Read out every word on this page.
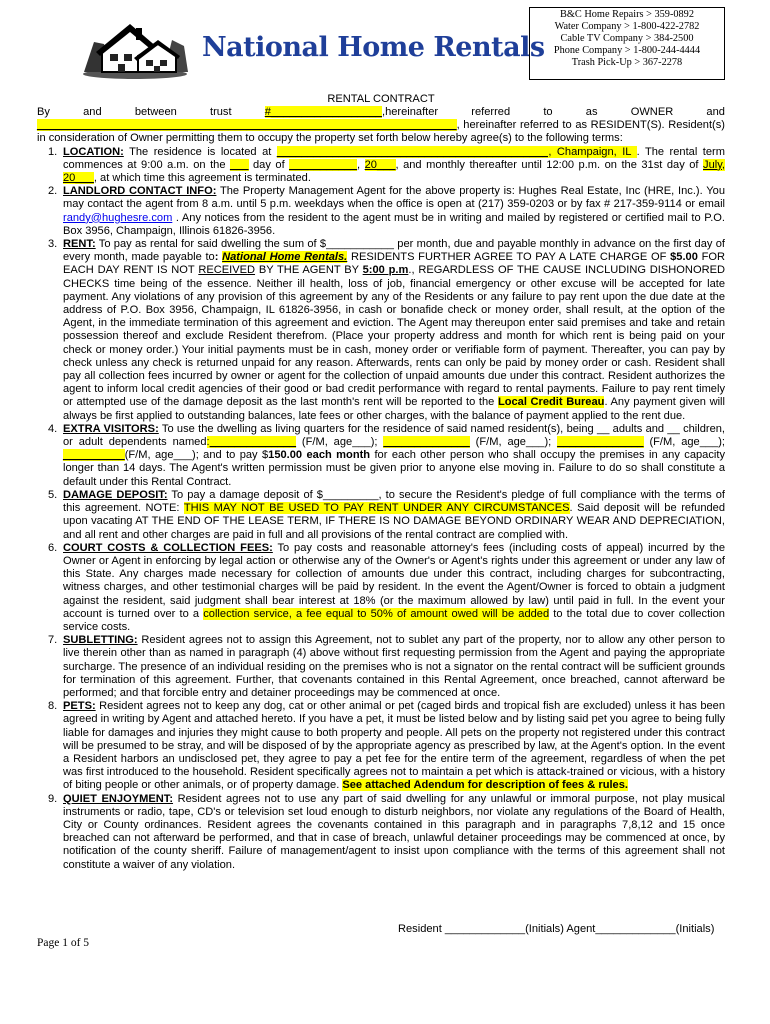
National Home Rentals
B&C Home Repairs > 359-0892
Water Company > 1-800-422-2782
Cable TV Company > 384-2500
Phone Company > 1-800-244-4444
Trash Pick-Up > 367-2278
RENTAL CONTRACT
By	and	between	trust	#__________________,hereinafter	referred	to	as	OWNER	and
____________________________________________________________________, hereinafter referred to as RESIDENT(S). Resident(s) in consideration of Owner permitting them to occupy the property set forth below hereby agree(s) to the following terms:
1. LOCATION: The residence is located at ____________________________________________, Champaign, IL . The rental term commences at 9:00 a.m. on the ___ day of ___________, 20___, and monthly thereafter until 12:00 p.m. on the 31st day of July, 20___, at which time this agreement is terminated.
2. LANDLORD CONTACT INFO: The Property Management Agent for the above property is: Hughes Real Estate, Inc (HRE, Inc.). You may contact the agent from 8 a.m. until 5 p.m. weekdays when the office is open at (217) 359-0203 or by fax # 217-359-9114 or email randy@hughesre.com . Any notices from the resident to the agent must be in writing and mailed by registered or certified mail to P.O. Box 3956, Champaign, Illinois 61826-3956.
3. RENT: To pay as rental for said dwelling the sum of $___________ per month, due and payable monthly in advance on the first day of every month, made payable to: National Home Rentals. RESIDENTS FURTHER AGREE TO PAY A LATE CHARGE OF $5.00 FOR EACH DAY RENT IS NOT RECEIVED BY THE AGENT BY 5:00 p.m., REGARDLESS OF THE CAUSE INCLUDING DISHONORED CHECKS time being of the essence. Neither ill health, loss of job, financial emergency or other excuse will be accepted for late payment. Any violations of any provision of this agreement by any of the Residents or any failure to pay rent upon the due date at the address of P.O. Box 3956, Champaign, IL 61826-3956, in cash or bonafide check or money order, shall result, at the option of the Agent, in the immediate termination of this agreement and eviction. The Agent may thereupon enter said premises and take and retain possession thereof and exclude Resident therefrom. (Place your property address and month for which rent is being paid on your check or money order.) Your initial payments must be in cash, money order or verifiable form of payment. Thereafter, you can pay by check unless any check is returned unpaid for any reason. Afterwards, rents can only be paid by money order or cash. Resident shall pay all collection fees incurred by owner or agent for the collection of unpaid amounts due under this contract. Resident authorizes the agent to inform local credit agencies of their good or bad credit performance with regard to rental payments. Failure to pay rent timely or attempted use of the damage deposit as the last month's rent will be reported to the Local Credit Bureau. Any payment given will always be first applied to outstanding balances, late fees or other charges, with the balance of payment applied to the rent due.
4. EXTRA VISITORS: To use the dwelling as living quarters for the residence of said named resident(s), being __ adults and __ children, or adult dependents named:______________ (F/M, age___); ______________ (F/M, age___); ______________ (F/M, age___); __________(F/M, age___); and to pay $150.00 each month for each other person who shall occupy the premises in any capacity longer than 14 days. The Agent's written permission must be given prior to anyone else moving in. Failure to do so shall constitute a default under this Rental Contract.
5. DAMAGE DEPOSIT: To pay a damage deposit of $_________, to secure the Resident's pledge of full compliance with the terms of this agreement. NOTE: THIS MAY NOT BE USED TO PAY RENT UNDER ANY CIRCUMSTANCES. Said deposit will be refunded upon vacating AT THE END OF THE LEASE TERM, IF THERE IS NO DAMAGE BEYOND ORDINARY WEAR AND DEPRECIATION, and all rent and other charges are paid in full and all provisions of the rental contract are complied with.
6. COURT COSTS & COLLECTION FEES: To pay costs and reasonable attorney's fees (including costs of appeal) incurred by the Owner or Agent in enforcing by legal action or otherwise any of the Owner's or Agent's rights under this agreement or under any law of this State. Any charges made necessary for collection of amounts due under this contract, including charges for subcontracting, witness charges, and other testimonial charges will be paid by resident. In the event the Agent/Owner is forced to obtain a judgment against the resident, said judgment shall bear interest at 18% (or the maximum allowed by law) until paid in full. In the event your account is turned over to a collection service, a fee equal to 50% of amount owed will be added to the total due to cover collection service costs.
7. SUBLETTING: Resident agrees not to assign this Agreement, not to sublet any part of the property, nor to allow any other person to live therein other than as named in paragraph (4) above without first requesting permission from the Agent and paying the appropriate surcharge. The presence of an individual residing on the premises who is not a signator on the rental contract will be sufficient grounds for termination of this agreement. Further, that covenants contained in this Rental Agreement, once breached, cannot afterward be performed; and that forcible entry and detainer proceedings may be commenced at once.
8. PETS: Resident agrees not to keep any dog, cat or other animal or pet (caged birds and tropical fish are excluded) unless it has been agreed in writing by Agent and attached hereto. If you have a pet, it must be listed below and by listing said pet you agree to being fully liable for damages and injuries they might cause to both property and people. All pets on the property not registered under this contract will be presumed to be stray, and will be disposed of by the appropriate agency as prescribed by law, at the Agent's option. In the event a Resident harbors an undisclosed pet, they agree to pay a pet fee for the entire term of the agreement, regardless of when the pet was first introduced to the household. Resident specifically agrees not to maintain a pet which is attack-trained or vicious, with a history of biting people or other animals, or of property damage. See attached Adendum for description of fees & rules.
9. QUIET ENJOYMENT: Resident agrees not to use any part of said dwelling for any unlawful or immoral purpose, not play musical instruments or radio, tape, CD's or television set loud enough to disturb neighbors, nor violate any regulations of the Board of Health, City or County ordinances. Resident agrees the covenants contained in this paragraph and in paragraphs 7,8,12 and 15 once breached can not afterward be performed, and that in case of breach, unlawful detainer proceedings may be commenced at once, by notification of the county sheriff. Failure of management/agent to insist upon compliance with the terms of this agreement shall not constitute a waiver of any violation.
Resident _____________(Initials) Agent_____________(Initials)
Page 1 of 5
